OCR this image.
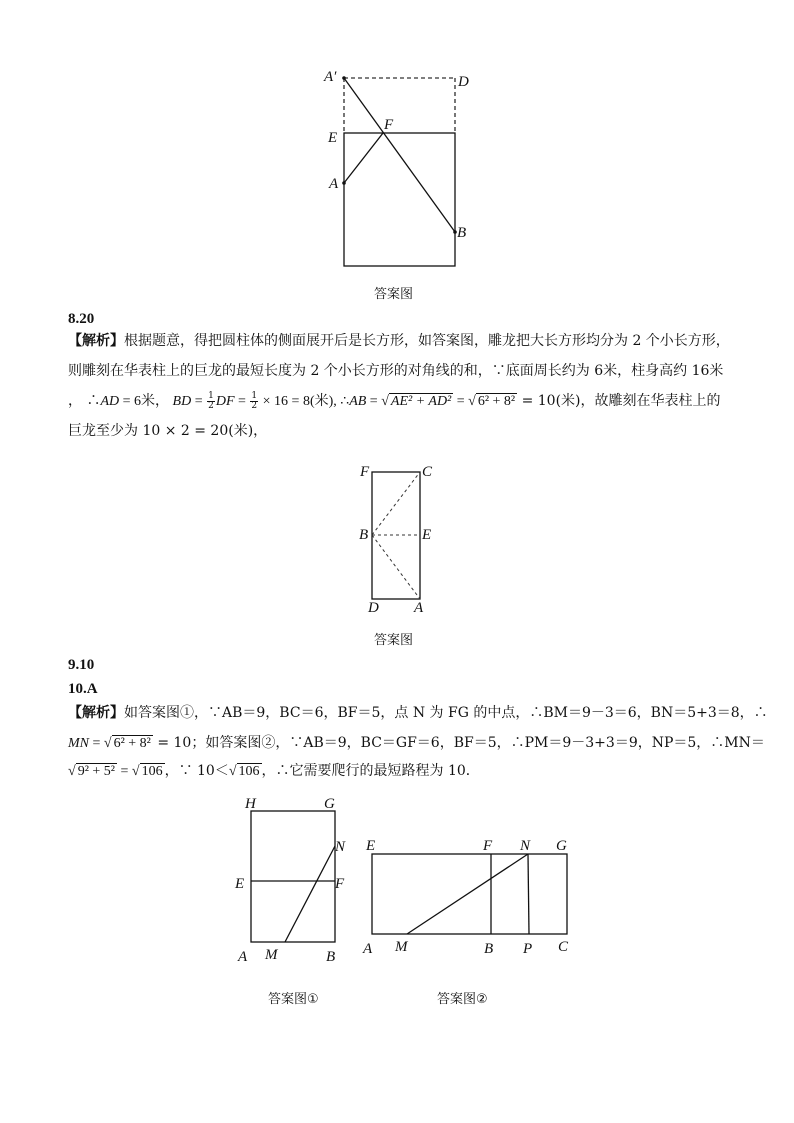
A′	D
E
F
A
B
答案图
8.20
【解析】根据题意，得把圆柱体的侧面展开后是长方形，如答案图，雕龙把大长方形均分为 2 个小长方形，
则雕刻在华表柱上的巨龙的最短长度为 2 个小长方形的对角线的和，∵底面周长约为 6米，柱身高约 16米
， ∴AD = 6米， BD = $\frac{1}{2}$ DF = $\frac{1}{2} \times 16 = 8$(米), ∴AB = √ AE² + AD² = √ 6² + 8² = 10(米)，故雕刻在华表柱上的
巨龙至少为 10 × 2 = 20(米)，
F	C
B	E
D A
答案图
9.10
10.A
【解析】如答案图①，∵AB＝9，BC＝6，BF＝5，点 N 为 FG 的中点，∴BM＝9－3＝6，BN＝5+3＝8，∴
MN = √ 6² + 8² = 10；如答案图②，∵AB＝9，BC＝GF＝6，BF＝5，∴PM＝9－3+3＝9，NP＝5，∴MN＝
√ 9² + 5² = √ 106 ，∵ 10＜√ 106 ，∴它需要爬行的最短路程为 10．
H	G
N
E	F
A M	B
答案图①
E	F N G
A M	B P C
答案图②
